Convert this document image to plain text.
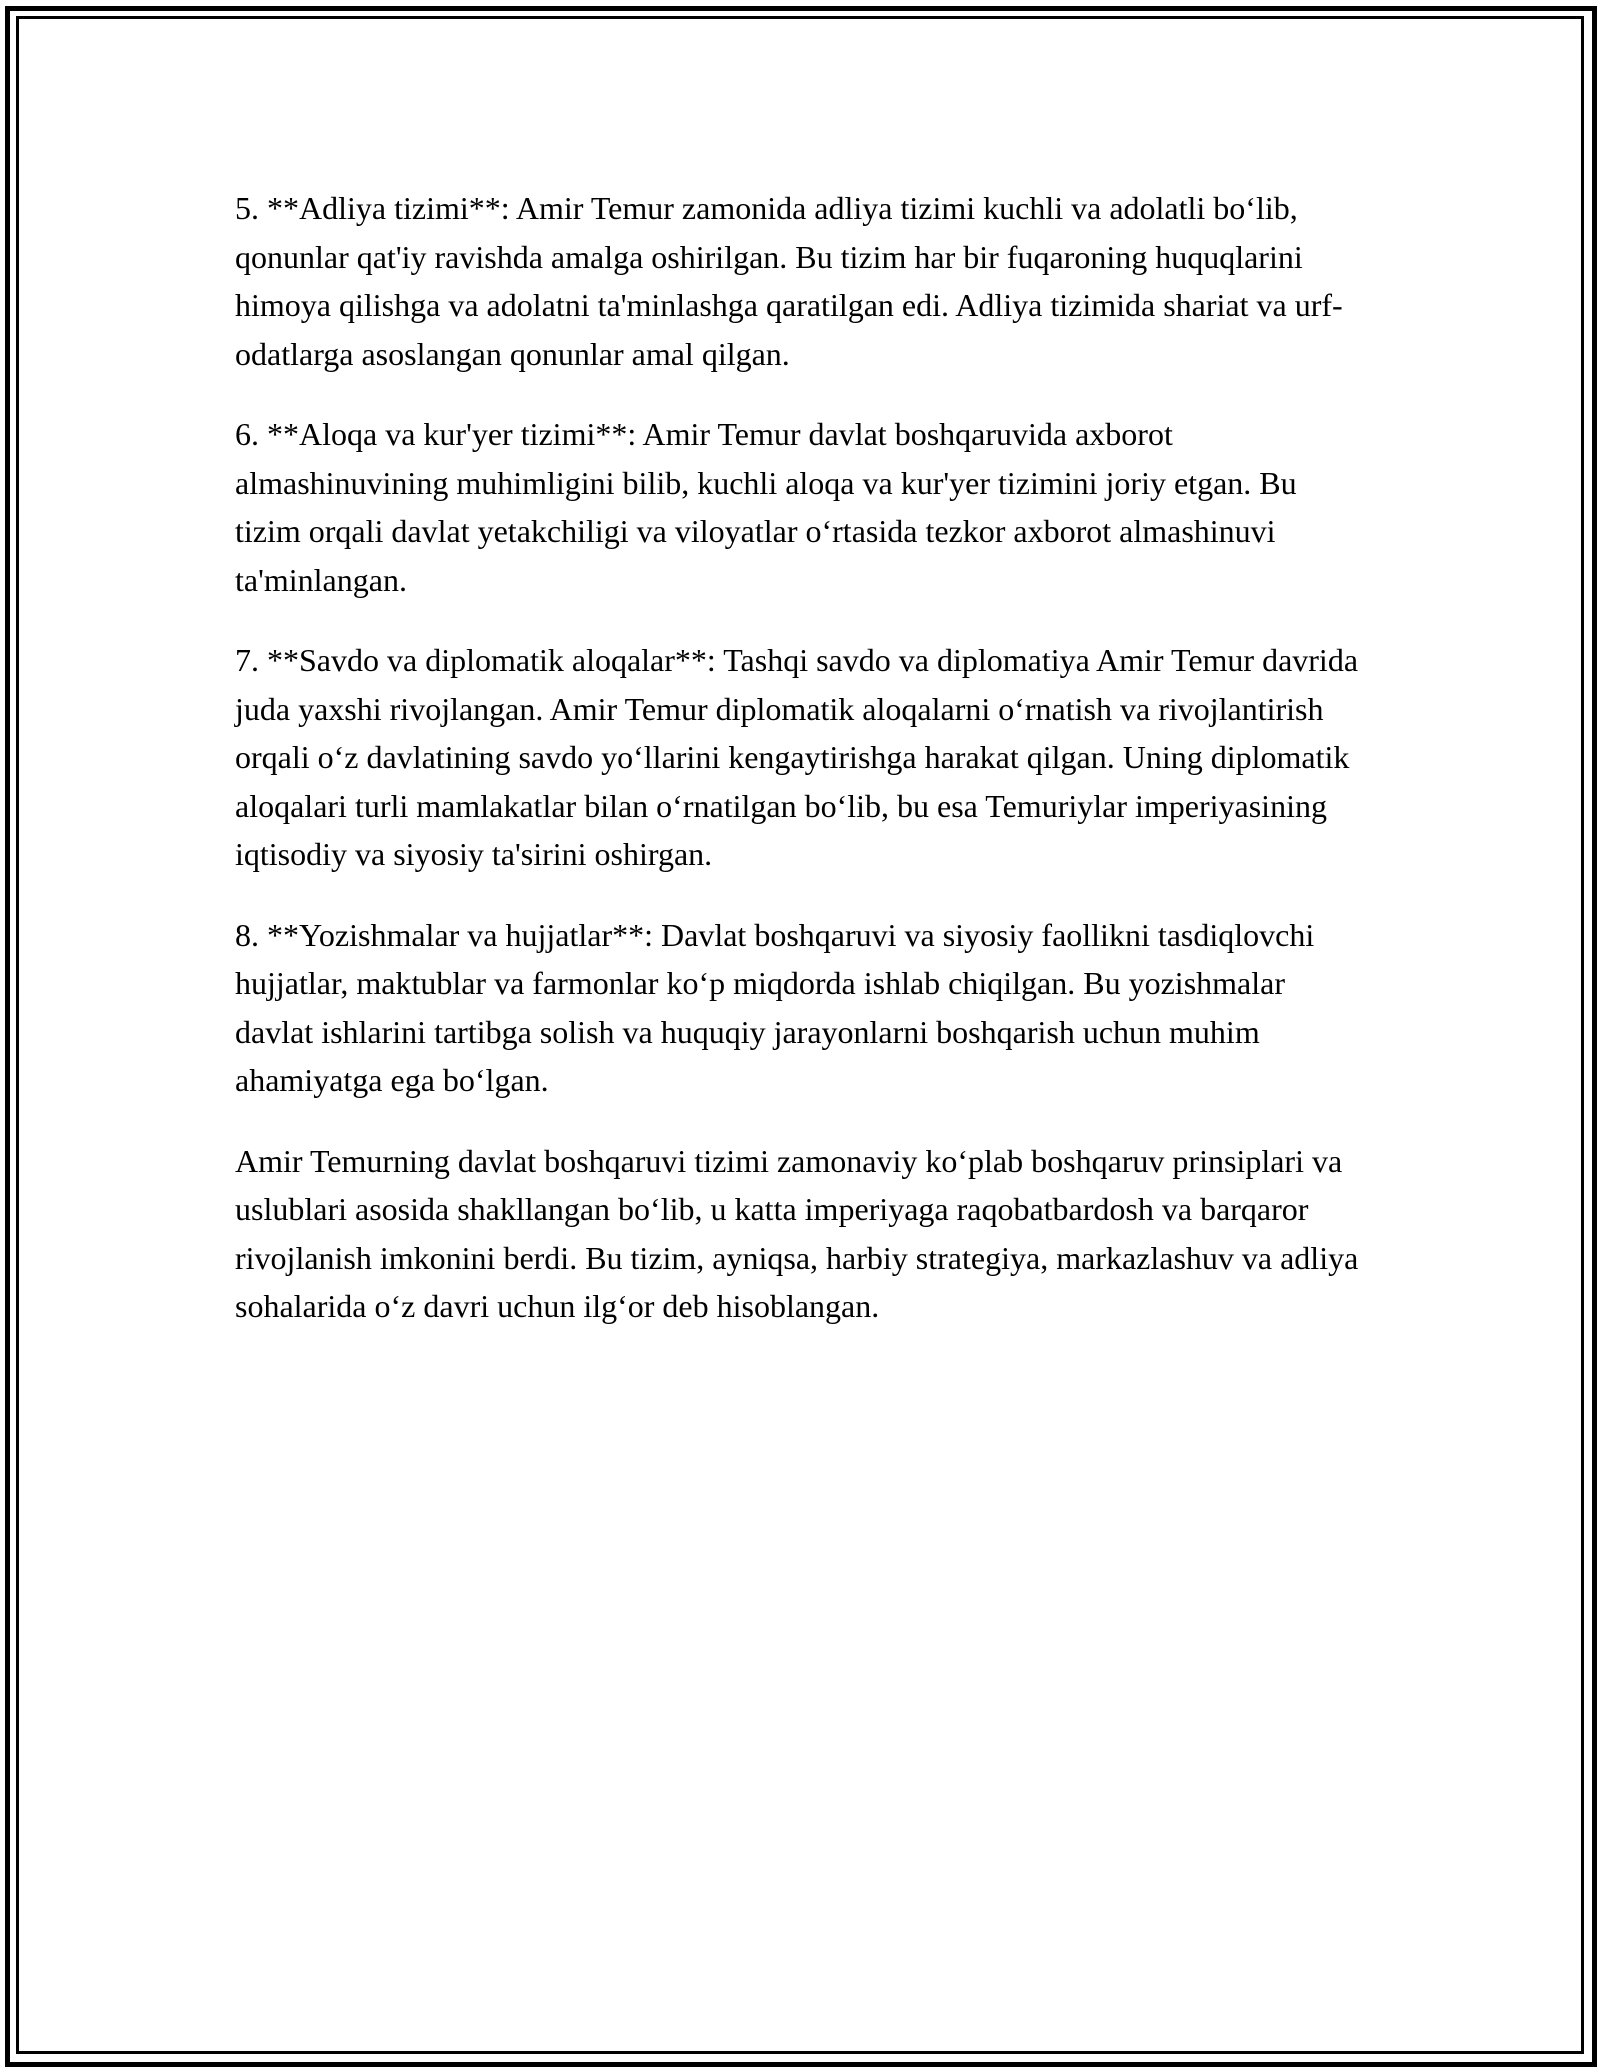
5. **Adliya tizimi**: Amir Temur zamonida adliya tizimi kuchli va adolatli bo‘lib, qonunlar qat'iy ravishda amalga oshirilgan. Bu tizim har bir fuqaroning huquqlarini himoya qilishga va adolatni ta'minlashga qaratilgan edi. Adliya tizimida shariat va urf-odatlarga asoslangan qonunlar amal qilgan.

6. **Aloqa va kur'yer tizimi**: Amir Temur davlat boshqaruvida axborot almashinuvining muhimligini bilib, kuchli aloqa va kur'yer tizimini joriy etgan. Bu tizim orqali davlat yetakchiligi va viloyatlar o‘rtasida tezkor axborot almashinuvi ta'minlangan.

7. **Savdo va diplomatik aloqalar**: Tashqi savdo va diplomatiya Amir Temur davrida juda yaxshi rivojlangan. Amir Temur diplomatik aloqalarni o‘rnatish va rivojlantirish orqali o‘z davlatining savdo yo‘llarini kengaytirishga harakat qilgan. Uning diplomatik aloqalari turli mamlakatlar bilan o‘rnatilgan bo‘lib, bu esa Temuriylar imperiyasining iqtisodiy va siyosiy ta'sirini oshirgan.

8. **Yozishmalar va hujjatlar**: Davlat boshqaruvi va siyosiy faollikni tasdiqlovchi hujjatlar, maktublar va farmonlar ko‘p miqdorda ishlab chiqilgan. Bu yozishmalar davlat ishlarini tartibga solish va huquqiy jarayonlarni boshqarish uchun muhim ahamiyatga ega bo‘lgan.

Amir Temurning davlat boshqaruvi tizimi zamonaviy ko‘plab boshqaruv prinsiplari va uslublari asosida shakllangan bo‘lib, u katta imperiyaga raqobatbardosh va barqaror rivojlanish imkonini berdi. Bu tizim, ayniqsa, harbiy strategiya, markazlashuv va adliya sohalarida o‘z davri uchun ilg‘or deb hisoblangan.
